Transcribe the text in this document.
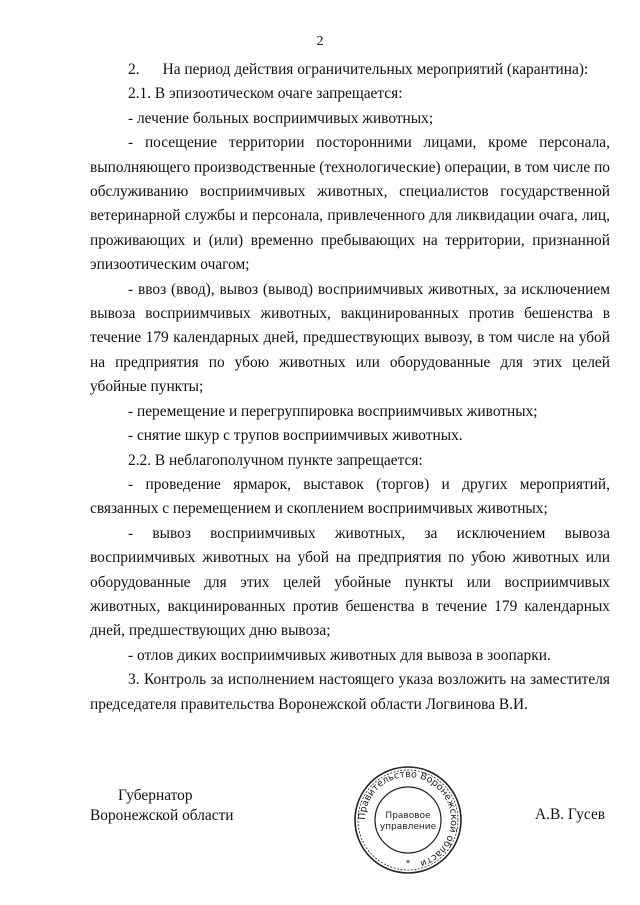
2

2.      На период действия ограничительных мероприятий (карантина):

2.1. В эпизоотическом очаге запрещается:

- лечение больных восприимчивых животных;

- посещение территории посторонними лицами, кроме персонала, выполняющего производственные (технологические) операции, в том числе по обслуживанию восприимчивых животных, специалистов государственной ветеринарной службы и персонала, привлеченного для ликвидации очага, лиц, проживающих и (или) временно пребывающих на территории, признанной эпизоотическим очагом;

- ввоз (ввод), вывоз (вывод) восприимчивых животных, за исключением вывоза восприимчивых животных, вакцинированных против бешенства в течение 179 календарных дней, предшествующих вывозу, в том числе на убой на предприятия по убою животных или оборудованные для этих целей убойные пункты;

- перемещение и перегруппировка восприимчивых животных;

- снятие шкур с трупов восприимчивых животных.

2.2. В неблагополучном пункте запрещается:

- проведение ярмарок, выставок (торгов) и других мероприятий, связанных с перемещением и скоплением восприимчивых животных;

- вывоз восприимчивых животных, за исключением вывоза восприимчивых животных на убой на предприятия по убою животных или оборудованные для этих целей убойные пункты или восприимчивых животных, вакцинированных против бешенства в течение 179 календарных дней, предшествующих дню вывоза;

- отлов диких восприимчивых животных для вывоза в зоопарки.

3. Контроль за исполнением настоящего указа возложить на заместителя председателя правительства Воронежской области Логвинова В.И.

Губернатор
Воронежской области	Правительство Воронежской области
Правовое
управление
*
А.В. Гусев
